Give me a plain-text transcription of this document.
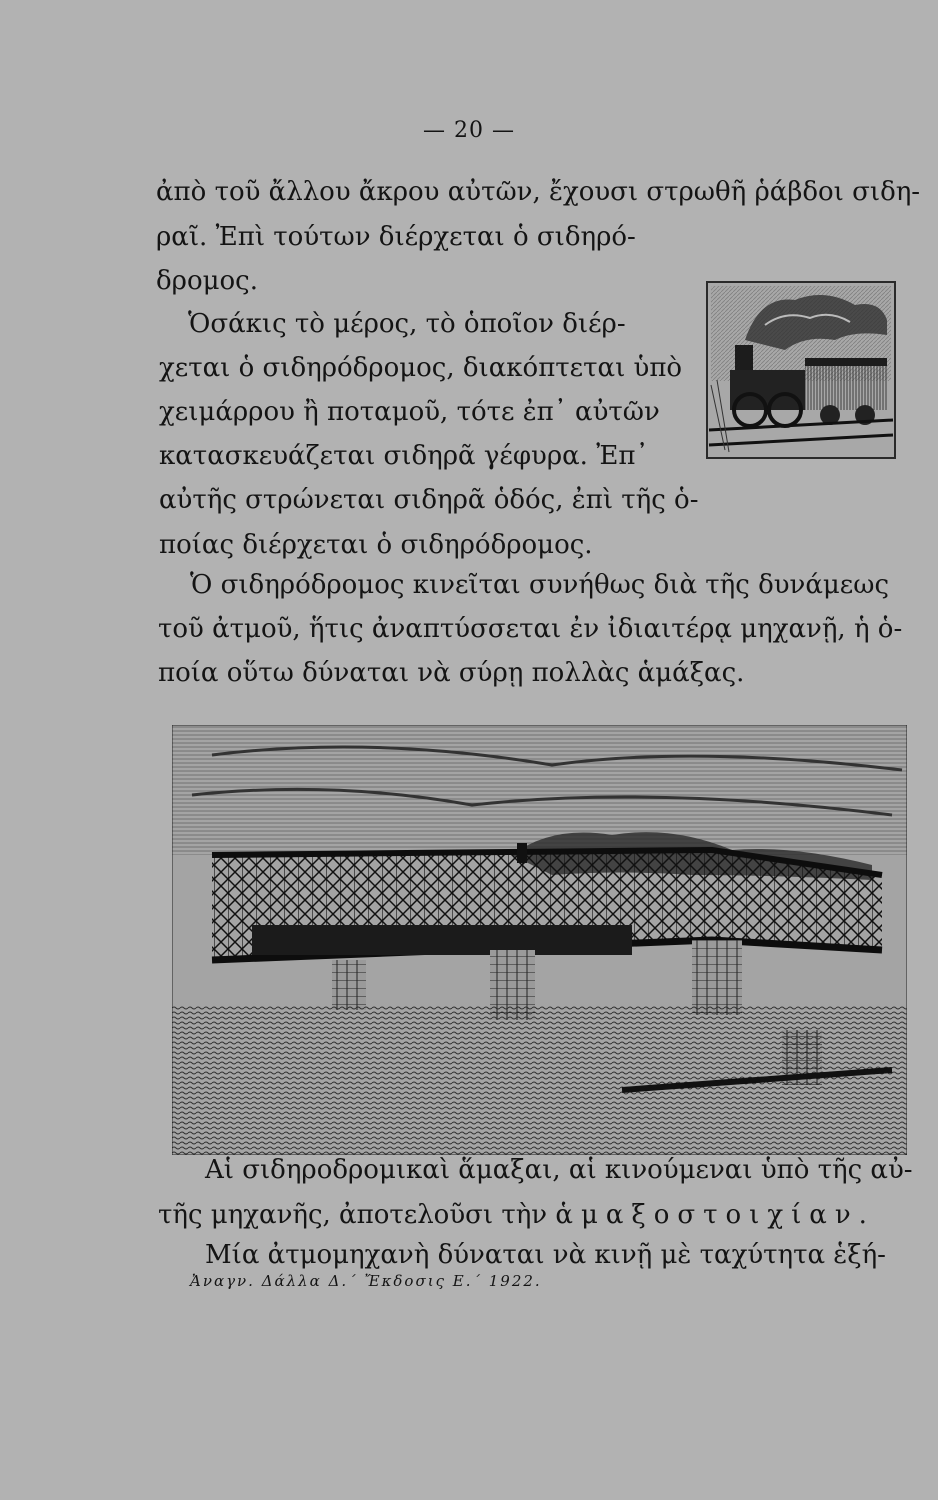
— 20 —
ἀπὸ τοῦ ἄλλου ἄκρου αὐτῶν, ἔχουσι στρωθῆ ῥάβδοι σιδη-
ραῖ. Ἐπὶ τούτων διέρχεται ὁ σιδηρό-
δρομος.
Ὁσάκις τὸ μέρος, τὸ ὁποῖον διέρ-
χεται ὁ σιδηρόδρομος, διακόπτεται ὑπὸ
χειμάρρου ἢ ποταμοῦ, τότε ἐπ᾽ αὐτῶν
κατασκευάζεται σιδηρᾶ γέφυρα. Ἐπ᾽
αὐτῆς στρώνεται σιδηρᾶ ὁδός, ἐπὶ τῆς ὁ-
ποίας διέρχεται ὁ σιδηρόδρομος.
Ὁ σιδηρόδρομος κινεῖται συνήθως διὰ τῆς δυνάμεως
τοῦ ἀτμοῦ, ἥτις ἀναπτύσσεται ἐν ἰδιαιτέρᾳ μηχανῇ, ἡ ὁ-
ποία οὕτω δύναται νὰ σύρῃ πολλὰς ἁμάξας.
Αἱ σιδηροδρομικαὶ ἅμαξαι, αἱ κινούμεναι ὑπὸ τῆς αὐ-
τῆς μηχανῆς, ἀποτελοῦσι τὴν ἁμαξοστοιχίαν.
Μία ἀτμομηχανὴ δύναται νὰ κινῇ μὲ ταχύτητα ἑξή-
Ἀναγν. Δάλλα Δ.΄ Ἔκδοσις Ε.΄ 1922.
